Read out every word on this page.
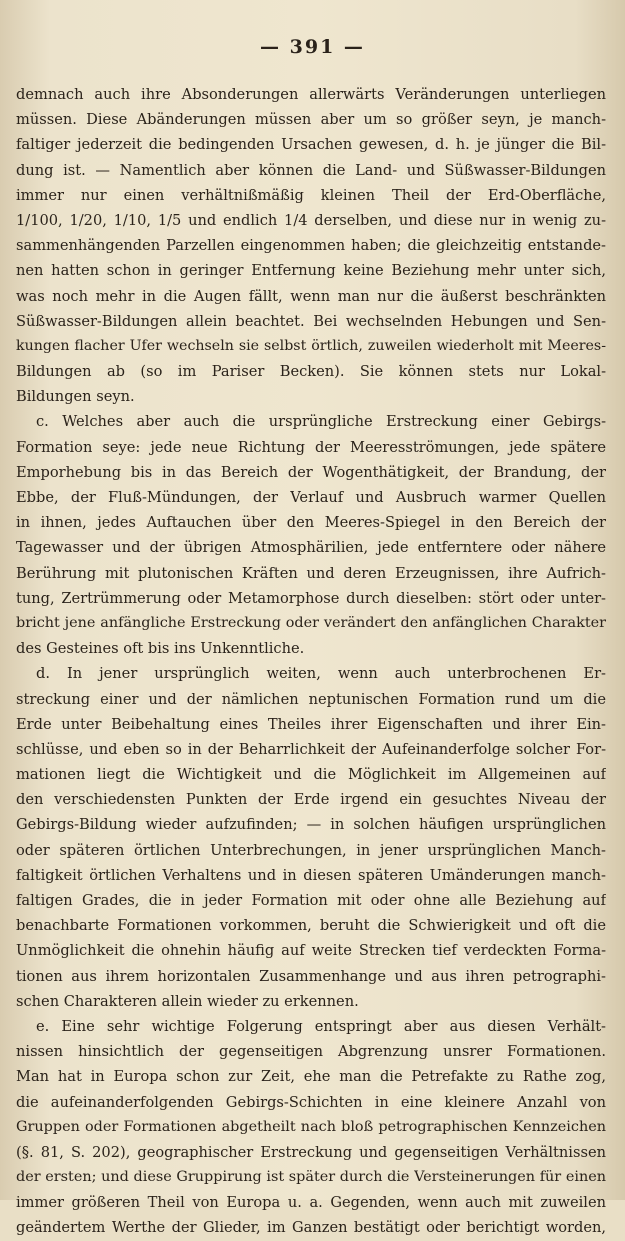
— 391 —
demnach auch ihre Absonderungen allerwärts Veränderungen unterliegen
müssen. Diese Abänderungen müssen aber um so größer seyn, je manch-
faltiger jederzeit die bedingenden Ursachen gewesen, d. h. je jünger die Bil-
dung ist. — Namentlich aber können die Land- und Süßwasser-Bildungen
immer nur einen verhältnißmäßig kleinen Theil der Erd-Oberfläche,
1/100, 1/20, 1/10, 1/5 und endlich 1/4 derselben, und diese nur in wenig zu-
sammenhängenden Parzellen eingenommen haben; die gleichzeitig entstande-
nen hatten schon in geringer Entfernung keine Beziehung mehr unter sich,
was noch mehr in die Augen fällt, wenn man nur die äußerst beschränkten
Süßwasser-Bildungen allein beachtet. Bei wechselnden Hebungen und Sen-
kungen flacher Ufer wechseln sie selbst örtlich, zuweilen wiederholt mit Meeres-
Bildungen ab (so im Pariser Becken). Sie können stets nur Lokal-
Bildungen seyn.
c. Welches aber auch die ursprüngliche Erstreckung einer Gebirgs-
Formation seye: jede neue Richtung der Meeresströmungen, jede spätere
Emporhebung bis in das Bereich der Wogenthätigkeit, der Brandung, der
Ebbe, der Fluß-Mündungen, der Verlauf und Ausbruch warmer Quellen
in ihnen, jedes Auftauchen über den Meeres-Spiegel in den Bereich der
Tagewasser und der übrigen Atmosphärilien, jede entferntere oder nähere
Berührung mit plutonischen Kräften und deren Erzeugnissen, ihre Aufrich-
tung, Zertrümmerung oder Metamorphose durch dieselben: stört oder unter-
bricht jene anfängliche Erstreckung oder verändert den anfänglichen Charakter
des Gesteines oft bis ins Unkenntliche.
d. In jener ursprünglich weiten, wenn auch unterbrochenen Er-
streckung einer und der nämlichen neptunischen Formation rund um die
Erde unter Beibehaltung eines Theiles ihrer Eigenschaften und ihrer Ein-
schlüsse, und eben so in der Beharrlichkeit der Aufeinanderfolge solcher For-
mationen liegt die Wichtigkeit und die Möglichkeit im Allgemeinen auf
den verschiedensten Punkten der Erde irgend ein gesuchtes Niveau der
Gebirgs-Bildung wieder aufzufinden; — in solchen häufigen ursprünglichen
oder späteren örtlichen Unterbrechungen, in jener ursprünglichen Manch-
faltigkeit örtlichen Verhaltens und in diesen späteren Umänderungen manch-
faltigen Grades, die in jeder Formation mit oder ohne alle Beziehung auf
benachbarte Formationen vorkommen, beruht die Schwierigkeit und oft die
Unmöglichkeit die ohnehin häufig auf weite Strecken tief verdeckten Forma-
tionen aus ihrem horizontalen Zusammenhange und aus ihren petrographi-
schen Charakteren allein wieder zu erkennen.
e. Eine sehr wichtige Folgerung entspringt aber aus diesen Verhält-
nissen hinsichtlich der gegenseitigen Abgrenzung unsrer Formationen.
Man hat in Europa schon zur Zeit, ehe man die Petrefakte zu Rathe zog,
die aufeinanderfolgenden Gebirgs-Schichten in eine kleinere Anzahl von
Gruppen oder Formationen abgetheilt nach bloß petrographischen Kennzeichen
(§. 81, S. 202), geographischer Erstreckung und gegenseitigen Verhältnissen
der ersten; und diese Gruppirung ist später durch die Versteinerungen für einen
immer größeren Theil von Europa u. a. Gegenden, wenn auch mit zuweilen
geändertem Werthe der Glieder, im Ganzen bestätigt oder berichtigt worden,
